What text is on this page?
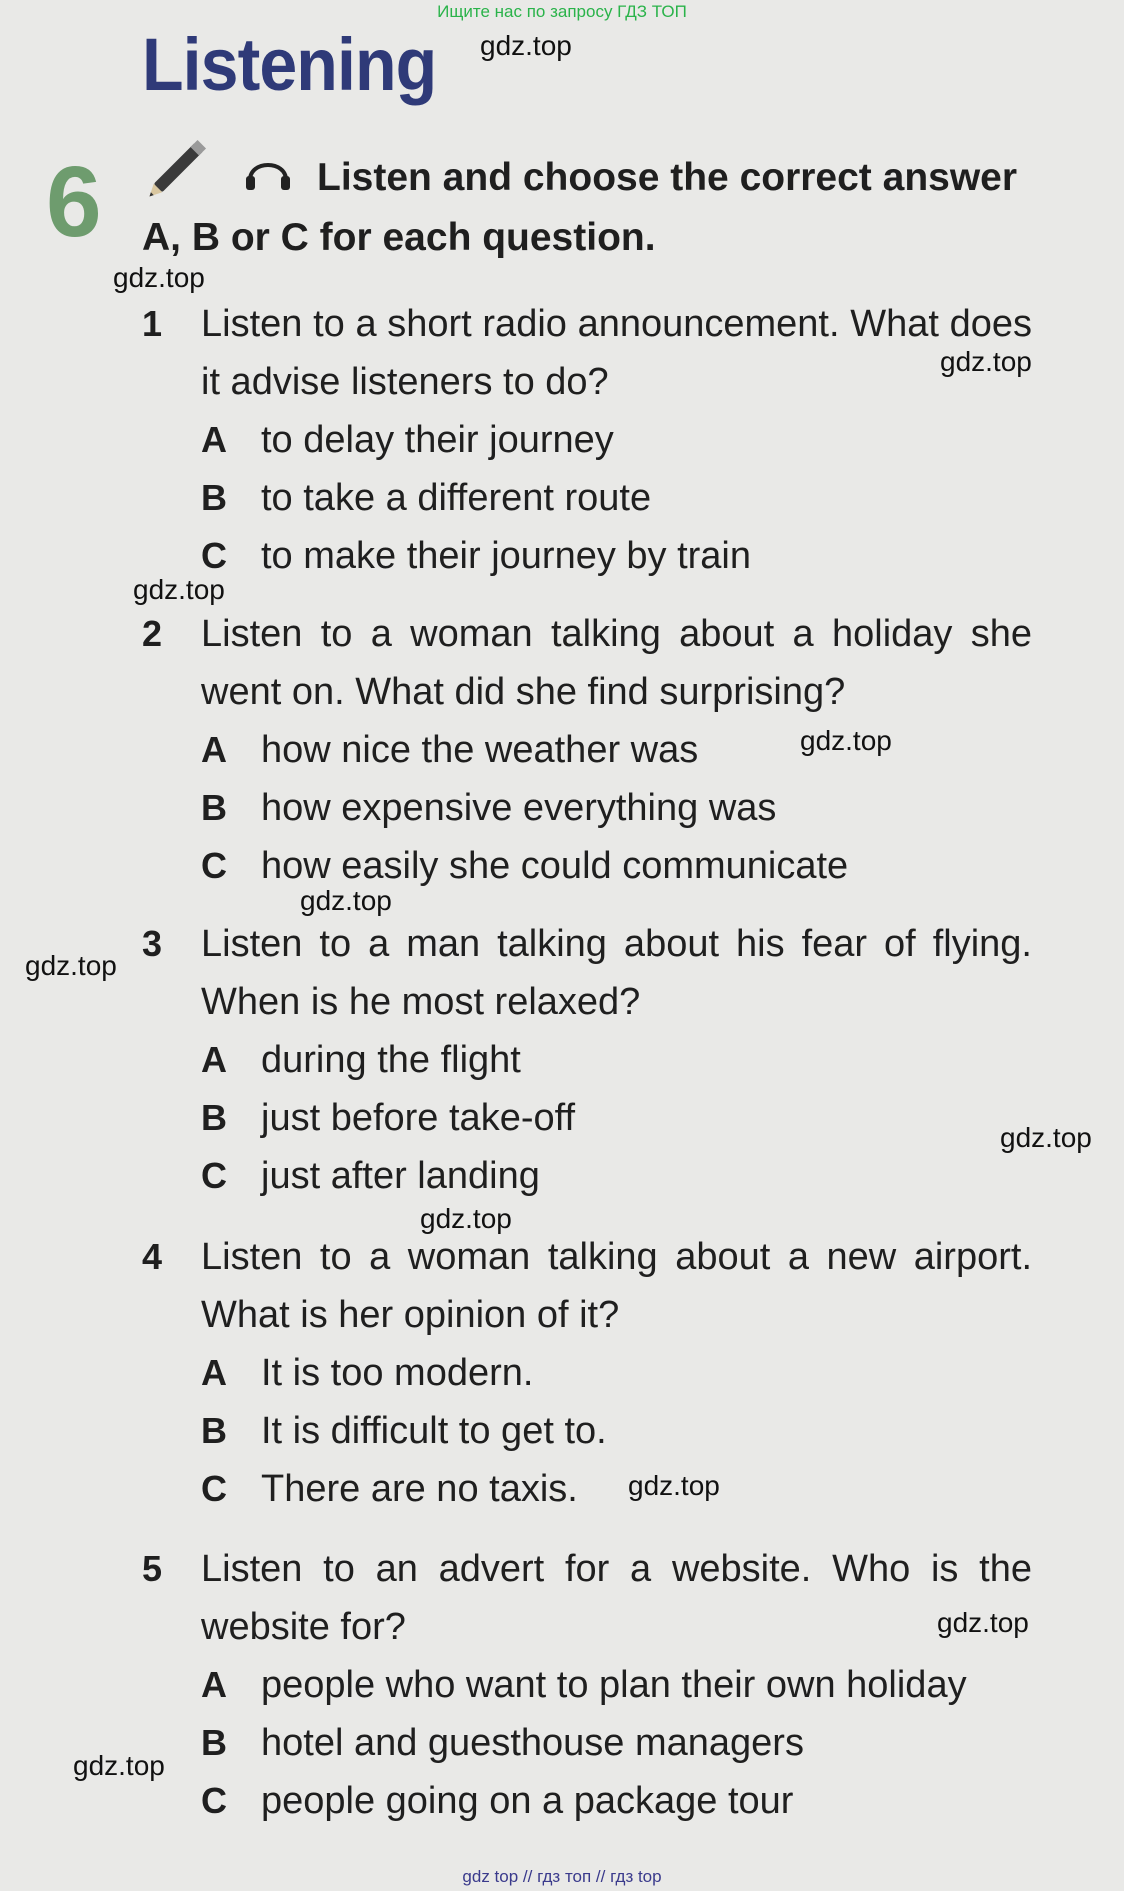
Ищите нас по запросу ГДЗ ТОП
Listening
6	Listen and choose the correct answer A, B or C for each question.
1 Listen to a short radio announcement. What does it advise listeners to do?
A to delay their journey
B to take a different route
C to make their journey by train
2 Listen to a woman talking about a holiday she went on. What did she find surprising?
A how nice the weather was
B how expensive everything was
C how easily she could communicate
3 Listen to a man talking about his fear of flying. When is he most relaxed?
A during the flight
B just before take-off
C just after landing
4 Listen to a woman talking about a new airport. What is her opinion of it?
A It is too modern.
B It is difficult to get to.
C There are no taxis.
5 Listen to an advert for a website. Who is the website for?
A people who want to plan their own holiday
B hotel and guesthouse managers
C people going on a package tour
gdz.top
gdz.top
gdz.top
gdz.top
gdz.top
gdz.top
gdz.top
gdz.top
gdz.top
gdz.top
gdz.top
gdz.top
gdz top // гдз топ // гдз top
